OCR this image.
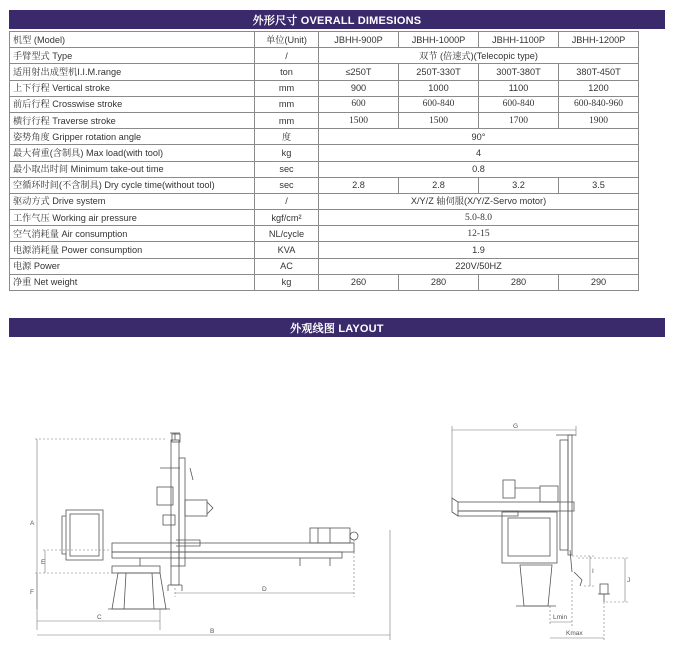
外形尺寸 OVERALL DIMESIONS
机型 (Model)	单位(Unit)	JBHH-900P	JBHH-1000P	JBHH-1100P	JBHH-1200P
手臂型式 Type	/	双节 (倍速式)(Telecopic type)			
适用射出成型机I.I.M.range	ton	≤250T	250T-330T	300T-380T	380T-450T
上下行程 Vertical stroke	mm	900	1000	1100	1200
前后行程 Crosswise stroke	mm	600	600-840	600-840	600-840-960
横行行程 Traverse stroke	mm	1500	1500	1700	1900
姿势角度 Gripper rotation angle	度	90°			
最大荷重(含制具) Max load(with tool)	kg	4			
最小取出时间 Minimum take-out time	sec	0.8			
空循环时间(不含制具) Dry cycle time(without tool)	sec	2.8	2.8	3.2	3.5
驱动方式 Drive system	/	X/Y/Z 轴伺服(X/Y/Z-Servo motor)			
工作气压 Working air pressure	kgf/cm²	5.0-8.0			
空气消耗量 Air consumption	NL/cycle	12-15			
电源消耗量 Power consumption	KVA	1.9			
电源 Power	AC	220V/50HZ			
净重 Net weight	kg	260	280	280	290
外观线图 LAYOUT
A
E
F
C
D
B
G
I
J
Lmin
Kmax
